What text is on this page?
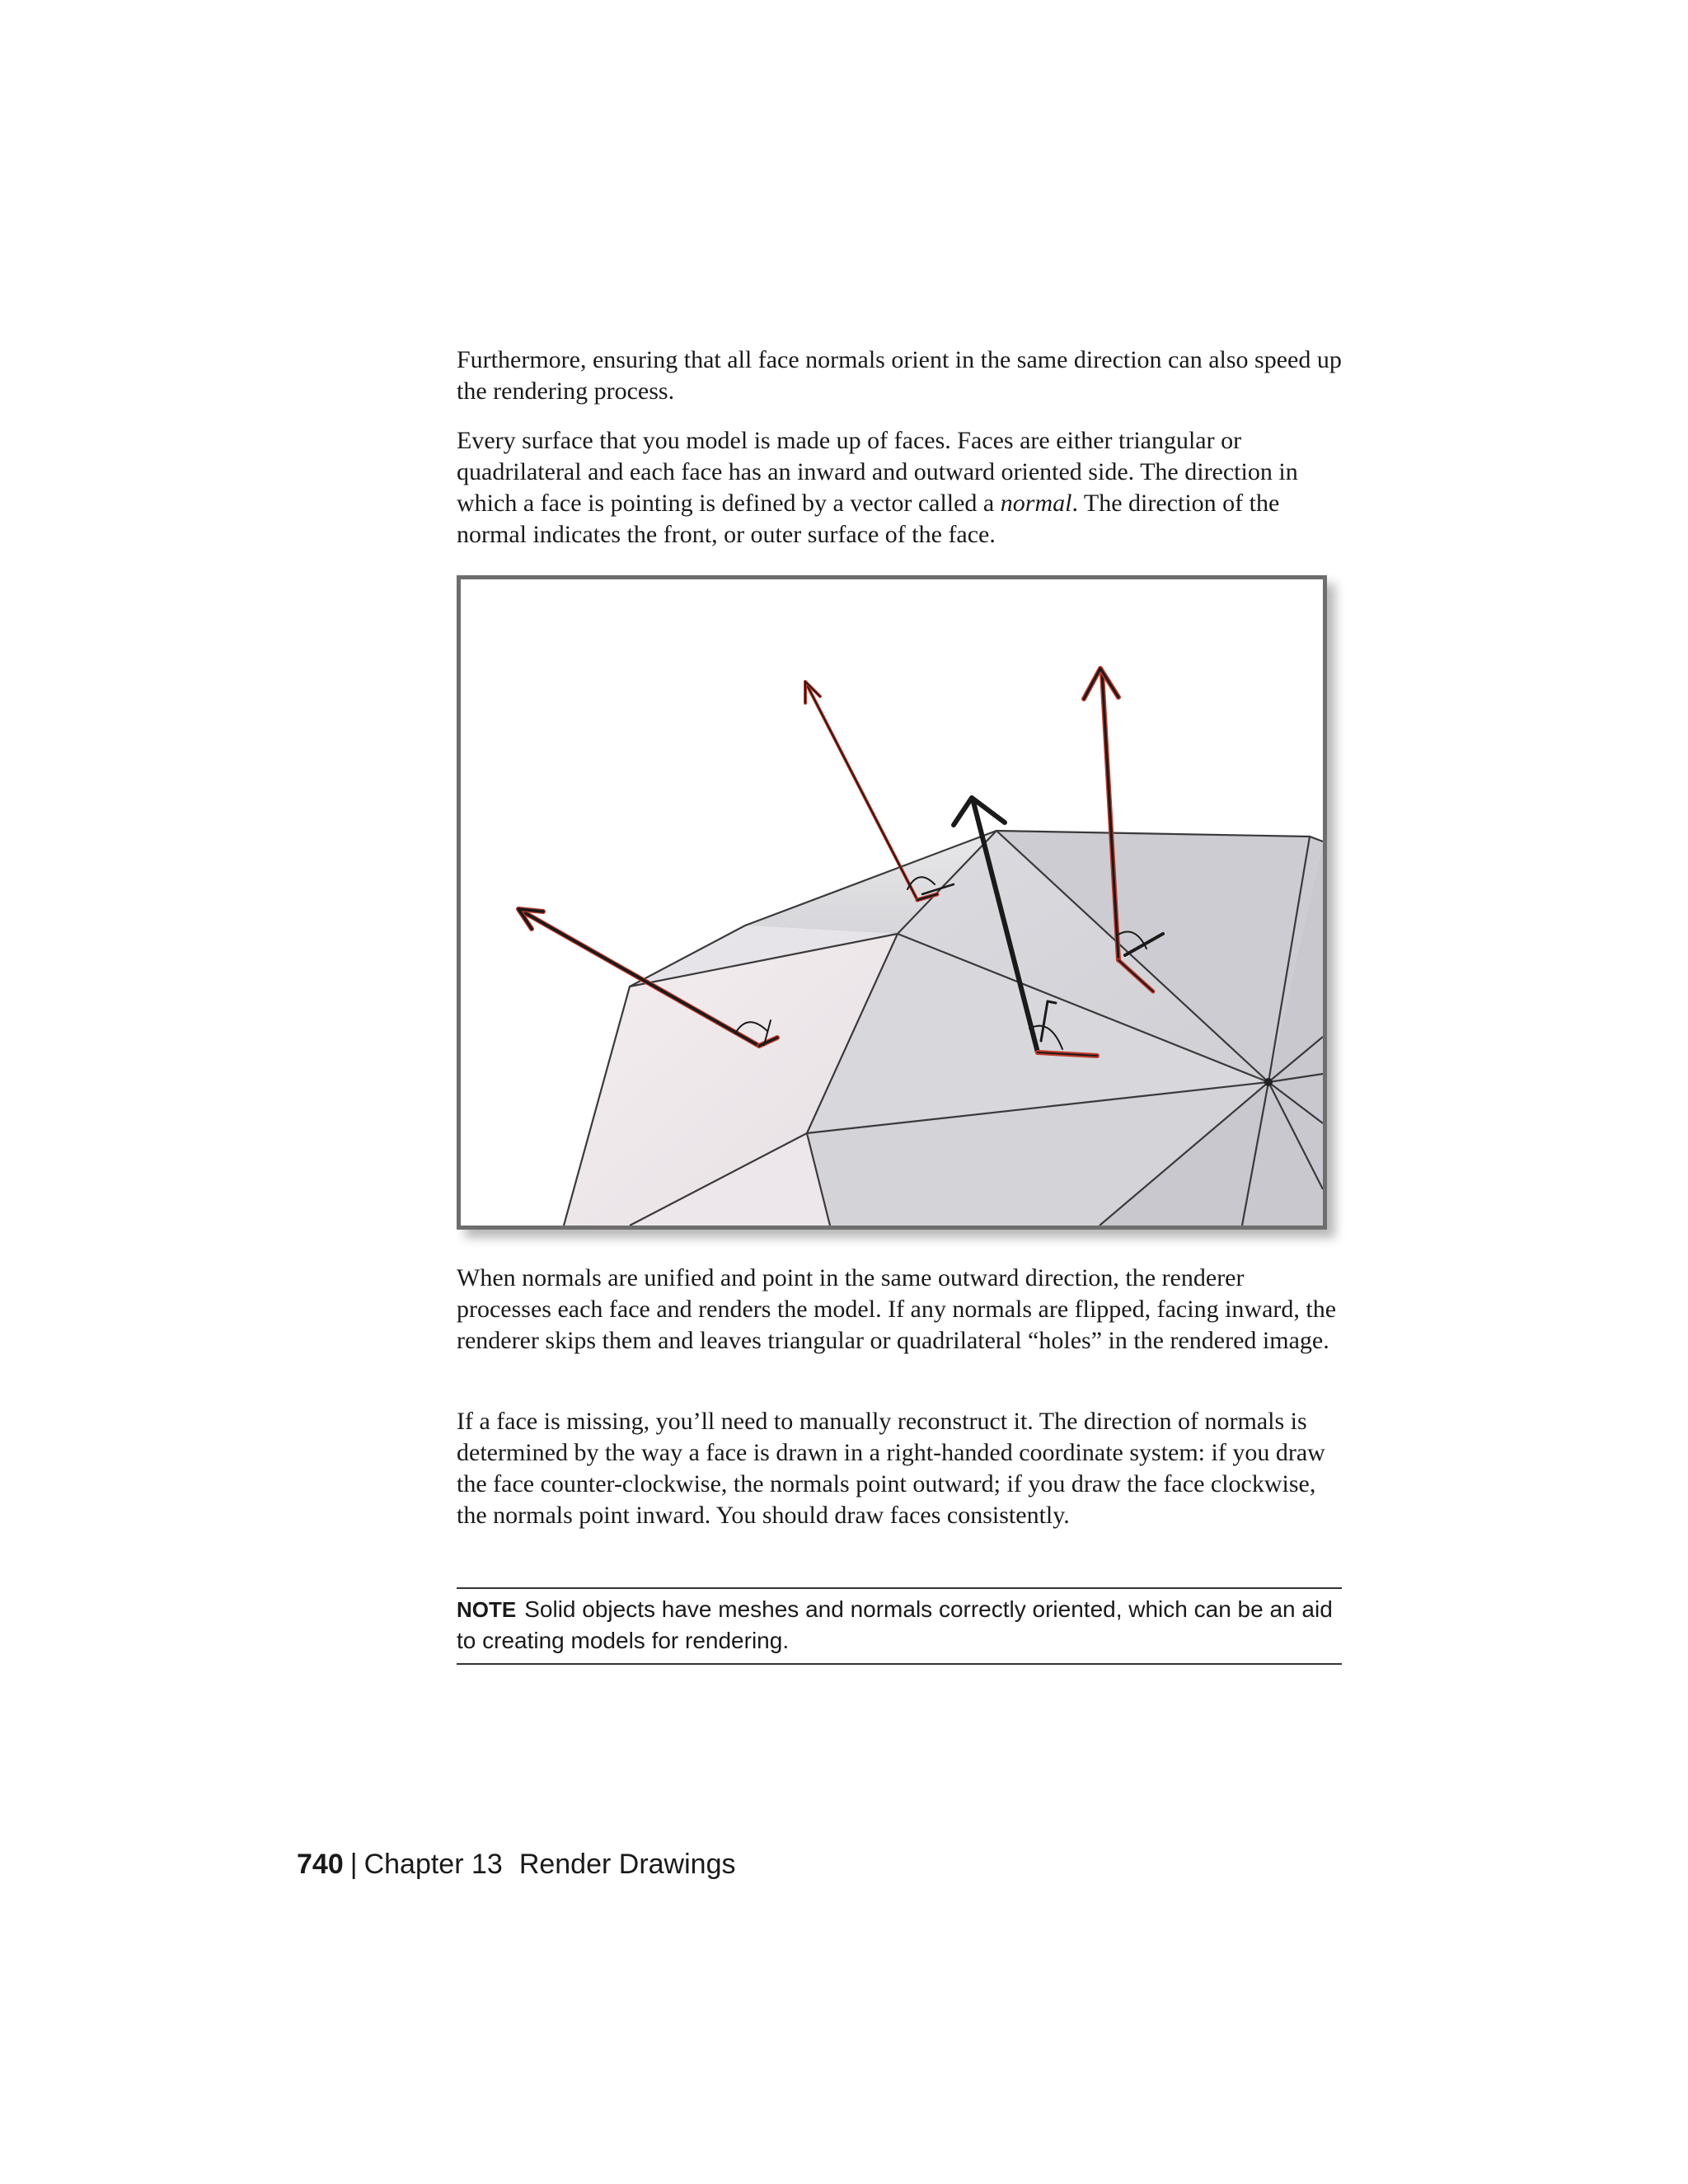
Furthermore, ensuring that all face normals orient in the same direction can also speed up the rendering process.

Every surface that you model is made up of faces. Faces are either triangular or quadrilateral and each face has an inward and outward oriented side. The direction in which a face is pointing is defined by a vector called a normal. The direction of the normal indicates the front, or outer surface of the face.

When normals are unified and point in the same outward direction, the renderer processes each face and renders the model. If any normals are flipped, facing inward, the renderer skips them and leaves triangular or quadrilateral “holes” in the rendered image.

If a face is missing, you’ll need to manually reconstruct it. The direction of normals is determined by the way a face is drawn in a right-handed coordinate system: if you draw the face counter-clockwise, the normals point outward; if you draw the face clockwise, the normals point inward. You should draw faces consistently.

NOTE Solid objects have meshes and normals correctly oriented, which can be an aid to creating models for rendering.
740 | Chapter 13 Render Drawings
